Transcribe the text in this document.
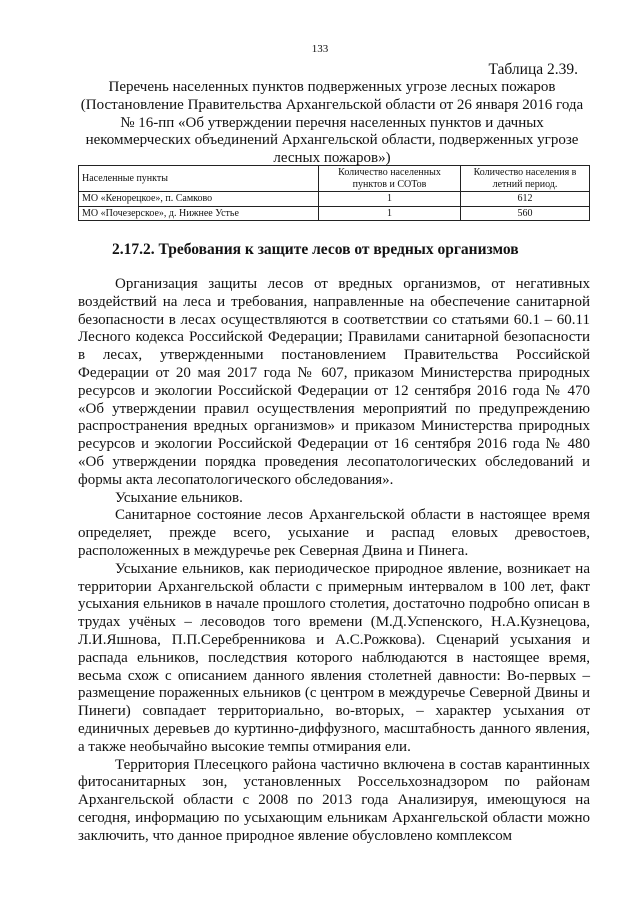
133
Таблица 2.39.

Перечень населенных пунктов подверженных угрозе лесных пожаров (Постановление Правительства Архангельской области от 26 января 2016 года № 16-пп «Об утверждении перечня населенных пунктов и дачных некоммерческих объединений Архангельской области, подверженных угрозе лесных пожаров»)

Населенные пункты	Количество населенных пунктов и СОТов	Количество населения в летний период.
МО «Кенорецкое», п. Самково	1	612
МО «Почезерское», д. Нижнее Устье	1	560
2.17.2. Требования к защите лесов от вредных организмов

Организация защиты лесов от вредных организмов, от негативных воздействий на леса и требования, направленные на обеспечение санитарной безопасности в лесах осуществляются в соответствии со статьями 60.1 – 60.11 Лесного кодекса Российской Федерации; Правилами санитарной безопасности в лесах, утвержденными постановлением Правительства Российской Федерации от 20 мая 2017 года № 607, приказом Министерства природных ресурсов и экологии Российской Федерации от 12 сентября 2016 года № 470 «Об утверждении правил осуществления мероприятий по предупреждению распространения вредных организмов» и приказом Министерства природных ресурсов и экологии Российской Федерации от 16 сентября 2016 года № 480 «Об утверждении порядка проведения лесопатологических обследований и формы акта лесопатологического обследования».

Усыхание ельников.

Санитарное состояние лесов Архангельской области в настоящее время определяет, прежде всего, усыхание и распад еловых древостоев, расположенных в междуречье рек Северная Двина и Пинега.

Усыхание ельников, как периодическое природное явление, возникает на территории Архангельской области с примерным интервалом в 100 лет, факт усыхания ельников в начале прошлого столетия, достаточно подробно описан в трудах учёных – лесоводов того времени (М.Д.Успенского, Н.А.Кузнецова, Л.И.Яшнова, П.П.Серебренникова и А.С.Рожкова). Сценарий усыхания и распада ельников, последствия которого наблюдаются в настоящее время, весьма схож с описанием данного явления столетней давности: Во-первых – размещение пораженных ельников (с центром в междуречье Северной Двины и Пинеги) совпадает территориально, во-вторых, – характер усыхания от единичных деревьев до куртинно-диффузного, масштабность данного явления, а также необычайно высокие темпы отмирания ели.

Территория Плесецкого района частично включена в состав карантинных фитосанитарных зон, установленных Россельхознадзором по районам Архангельской области с 2008 по 2013 года Анализируя, имеющуюся на сегодня, информацию по усыхающим ельникам Архангельской области можно заключить, что данное природное явление обусловлено комплексом
